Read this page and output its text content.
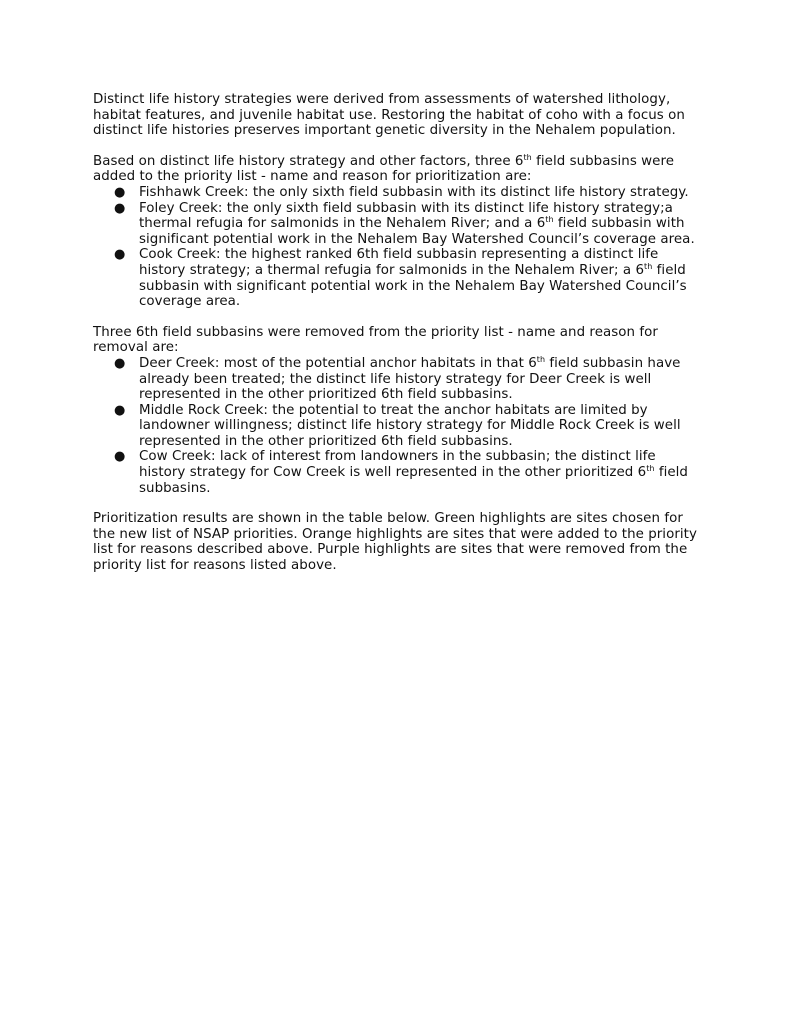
Distinct life history strategies were derived from assessments of watershed lithology, habitat features, and juvenile habitat use. Restoring the habitat of coho with a focus on distinct life histories preserves important genetic diversity in the Nehalem population.

Based on distinct life history strategy and other factors, three 6th field subbasins were added to the priority list - name and reason for prioritization are:

● Fishhawk Creek: the only sixth field subbasin with its distinct life history strategy.
● Foley Creek: the only sixth field subbasin with its distinct life history strategy;a thermal refugia for salmonids in the Nehalem River; and a 6th field subbasin with significant potential work in the Nehalem Bay Watershed Council’s coverage area.
● Cook Creek: the highest ranked 6th field subbasin representing a distinct life history strategy; a thermal refugia for salmonids in the Nehalem River; a 6th field subbasin with significant potential work in the Nehalem Bay Watershed Council’s coverage area.

Three 6th field subbasins were removed from the priority list - name and reason for removal are:

● Deer Creek: most of the potential anchor habitats in that 6th field subbasin have already been treated; the distinct life history strategy for Deer Creek is well represented in the other prioritized 6th field subbasins.
● Middle Rock Creek: the potential to treat the anchor habitats are limited by landowner willingness; distinct life history strategy for Middle Rock Creek is well represented in the other prioritized 6th field subbasins.
● Cow Creek: lack of interest from landowners in the subbasin; the distinct life history strategy for Cow Creek is well represented in the other prioritized 6th field subbasins.

Prioritization results are shown in the table below. Green highlights are sites chosen for the new list of NSAP priorities. Orange highlights are sites that were added to the priority list for reasons described above. Purple highlights are sites that were removed from the priority list for reasons listed above.
